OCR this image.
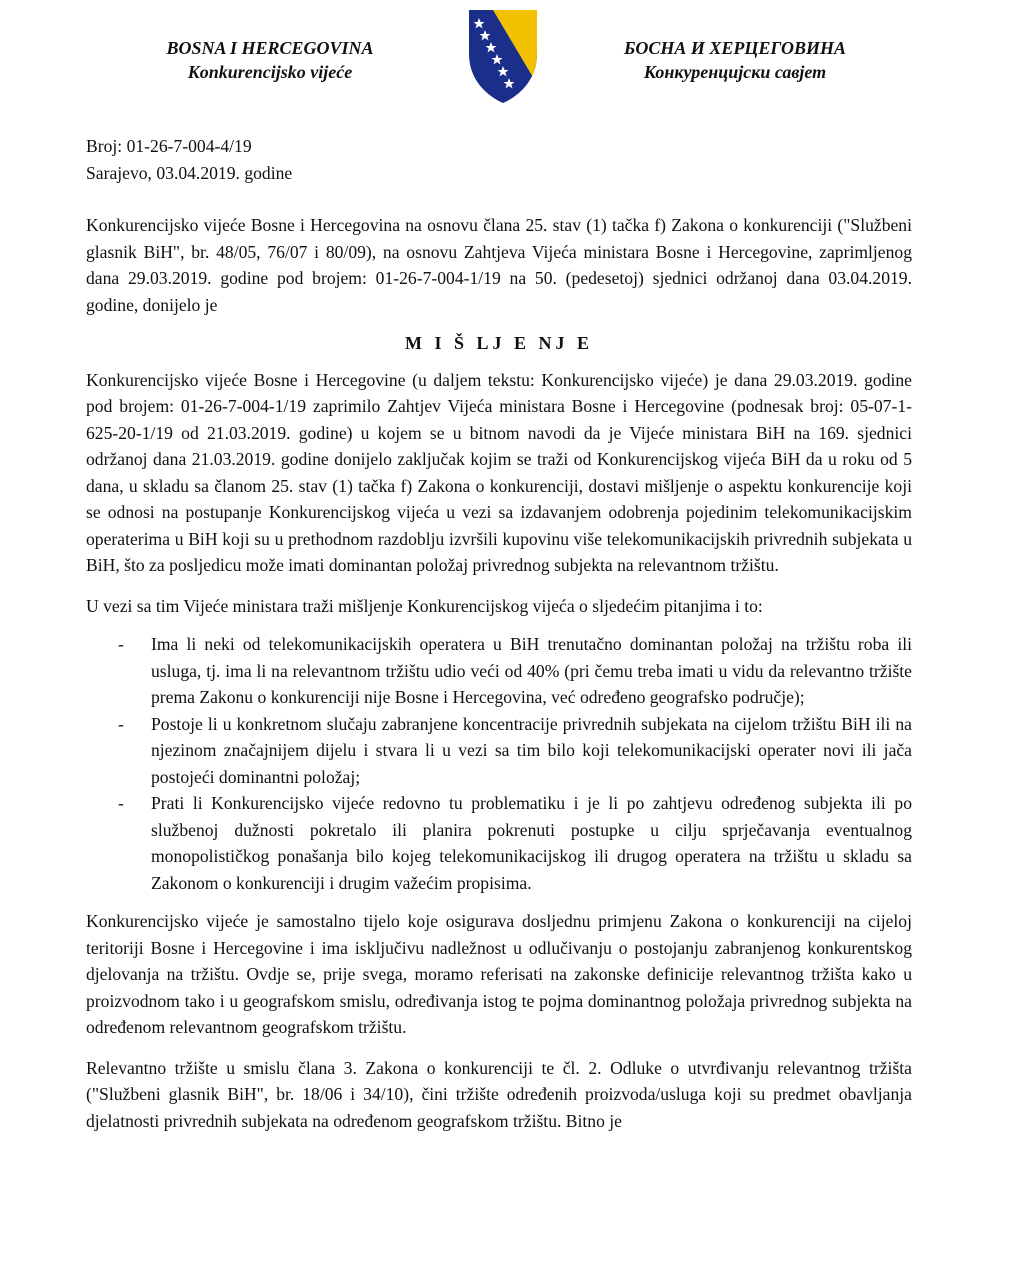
BOSNA I HERCEGOVINA
Konkurencijsko vijeće
БОСНА И ХЕРЦЕГОВИНА
Конкуренцијски савјет
Broj: 01-26-7-004-4/19
Sarajevo, 03.04.2019. godine

Konkurencijsko vijeće Bosne i Hercegovina na osnovu člana 25. stav (1) tačka f) Zakona o konkurenciji ("Službeni glasnik BiH", br. 48/05, 76/07 i 80/09), na osnovu Zahtjeva Vijeća ministara Bosne i Hercegovine, zaprimljenog dana 29.03.2019. godine pod brojem: 01-26-7-004-1/19 na 50. (pedesetoj) sjednici održanoj dana 03.04.2019. godine, donijelo je

M I Š LJ E NJ E

Konkurencijsko vijeće Bosne i Hercegovine (u daljem tekstu: Konkurencijsko vijeće) je dana 29.03.2019. godine pod brojem: 01-26-7-004-1/19 zaprimilo Zahtjev Vijeća ministara Bosne i Hercegovine (podnesak broj: 05-07-1-625-20-1/19 od 21.03.2019. godine) u kojem se u bitnom navodi da je Vijeće ministara BiH na 169. sjednici održanoj dana 21.03.2019. godine donijelo zaključak kojim se traži od Konkurencijskog vijeća BiH da u roku od 5 dana, u skladu sa članom 25. stav (1) tačka f) Zakona o konkurenciji, dostavi mišljenje o aspektu konkurencije koji se odnosi na postupanje Konkurencijskog vijeća u vezi sa izdavanjem odobrenja pojedinim telekomunikacijskim operaterima u BiH koji su u prethodnom razdoblju izvršili kupovinu više telekomunikacijskih privrednih subjekata u BiH, što za posljedicu može imati dominantan položaj privrednog subjekta na relevantnom tržištu.

U vezi sa tim Vijeće ministara traži mišljenje Konkurencijskog vijeća o sljedećim pitanjima i to:

- Ima li neki od telekomunikacijskih operatera u BiH trenutačno dominantan položaj na tržištu roba ili usluga, tj. ima li na relevantnom tržištu udio veći od 40% (pri čemu treba imati u vidu da relevantno tržište prema Zakonu o konkurenciji nije Bosne i Hercegovina, već određeno geografsko područje);
- Postoje li u konkretnom slučaju zabranjene koncentracije privrednih subjekata na cijelom tržištu BiH ili na njezinom značajnijem dijelu i stvara li u vezi sa tim bilo koji telekomunikacijski operater novi ili jača postojeći dominantni položaj;
- Prati li Konkurencijsko vijeće redovno tu problematiku i je li po zahtjevu određenog subjekta ili po službenoj dužnosti pokretalo ili planira pokrenuti postupke u cilju sprječavanja eventualnog monopolističkog ponašanja bilo kojeg telekomunikacijskog ili drugog operatera na tržištu u skladu sa Zakonom o konkurenciji i drugim važećim propisima.

Konkurencijsko vijeće je samostalno tijelo koje osigurava dosljednu primjenu Zakona o konkurenciji na cijeloj teritoriji Bosne i Hercegovine i ima isključivu nadležnost u odlučivanju o postojanju zabranjenog konkurentskog djelovanja na tržištu. Ovdje se, prije svega, moramo referisati na zakonske definicije relevantnog tržišta kako u proizvodnom tako i u geografskom smislu, određivanja istog te pojma dominantnog položaja privrednog subjekta na određenom relevantnom geografskom tržištu.

Relevantno tržište u smislu člana 3. Zakona o konkurenciji te čl. 2. Odluke o utvrđivanju relevantnog tržišta ("Službeni glasnik BiH", br. 18/06 i 34/10), čini tržište određenih proizvoda/usluga koji su predmet obavljanja djelatnosti privrednih subjekata na određenom geografskom tržištu. Bitno je
